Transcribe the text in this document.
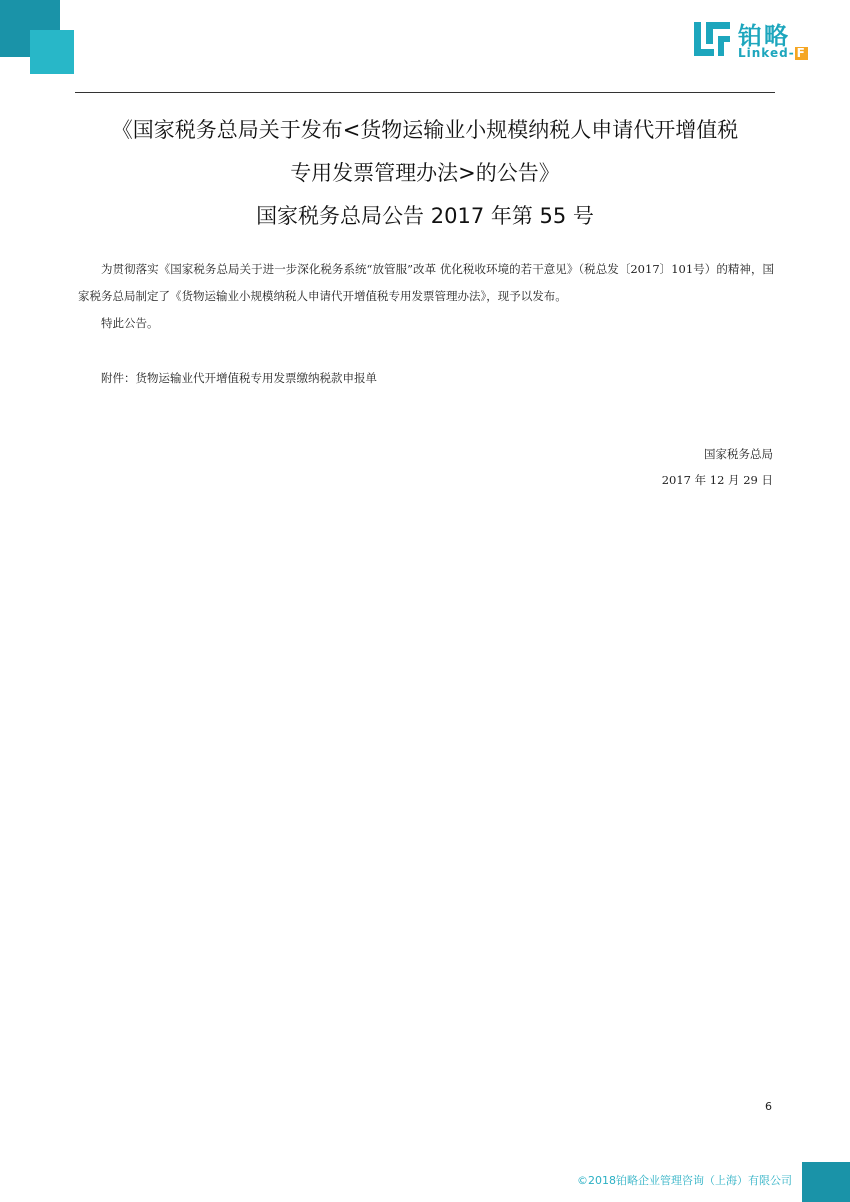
铂略
Linked- F
《国家税务总局关于发布<货物运输业小规模纳税人申请代开增值税
专用发票管理办法>的公告》
国家税务总局公告 2017 年第 55 号
为贯彻落实《国家税务总局关于进一步深化税务系统“放管服”改革 优化税收环境的若干意见》（税总发〔2017〕101号）的精神，国家税务总局制定了《货物运输业小规模纳税人申请代开增值税专用发票管理办法》，现予以发布。
特此公告。
附件：货物运输业代开增值税专用发票缴纳税款申报单
国家税务总局
2017 年 12 月 29 日
6
©2018铂略企业管理咨询（上海）有限公司
